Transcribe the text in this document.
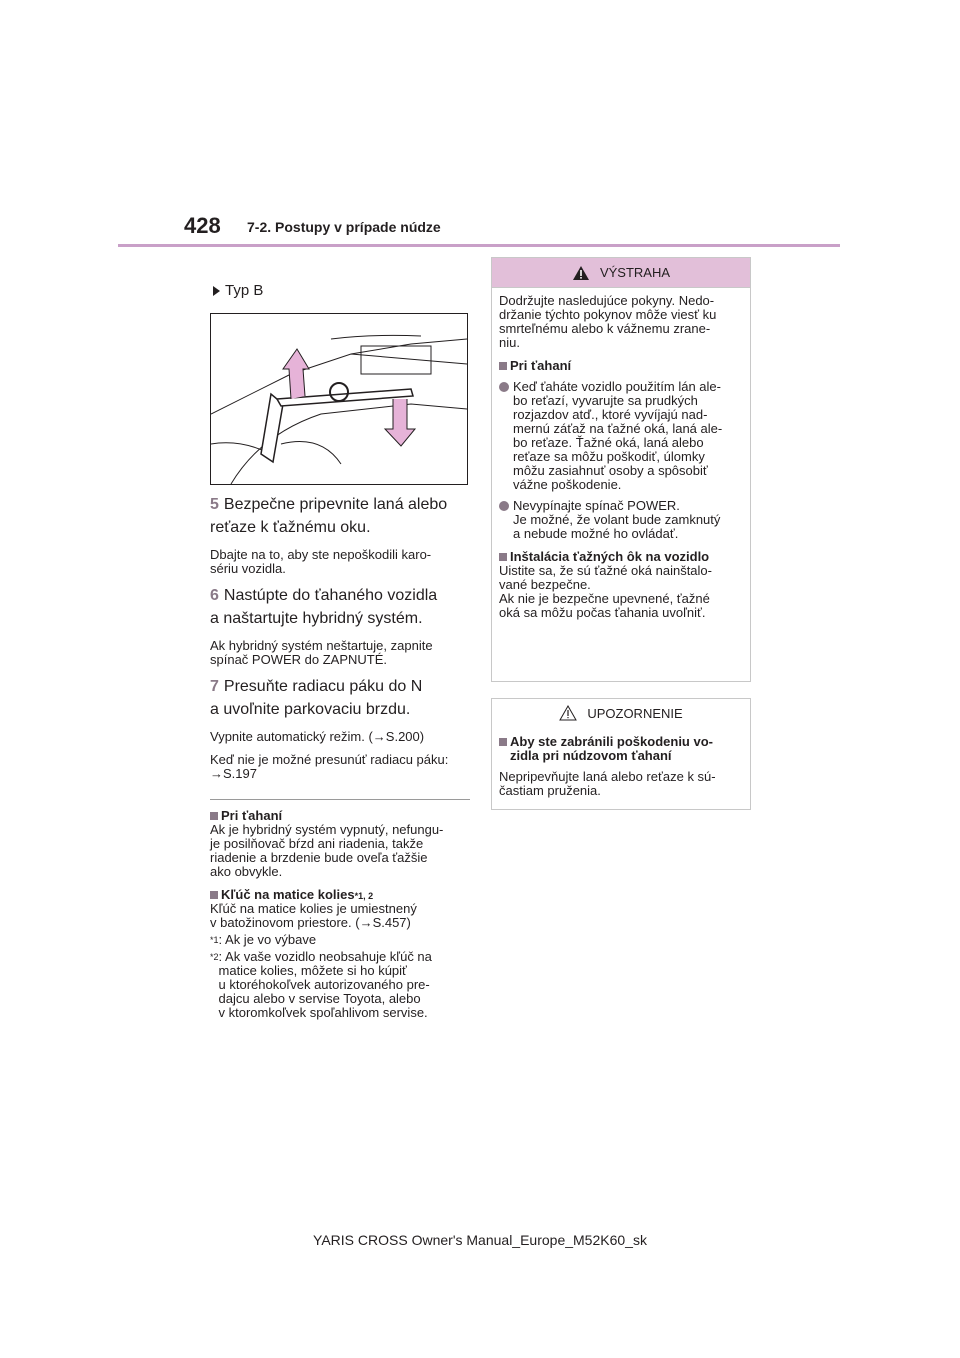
428 7-2. Postupy v prípade núdze
Typ B
5 Bezpečne pripevnite laná alebo
reťaze k ťažnému oku.
Dbajte na to, aby ste nepoškodili karo-
sériu vozidla.
6 Nastúpte do ťahaného vozidla
a naštartujte hybridný systém.
Ak hybridný systém neštartuje, zapnite
spínač POWER do ZAPNUTÉ.
7 Presuňte radiacu páku do N
a uvoľnite parkovaciu brzdu.
Vypnite automatický režim. (→S.200)
Keď nie je možné presunúť radiacu páku:
→S.197
Pri ťahaní
Ak je hybridný systém vypnutý, nefungu-
je posilňovač bŕzd ani riadenia, takže
riadenie a brzdenie bude oveľa ťažšie
ako obvykle.
Kľúč na matice kolies *1, 2
Kľúč na matice kolies je umiestnený
v batožinovom priestore. (→S.457)
*1 : Ak je vo výbave
*2 : Ak vaše vozidlo neobsahuje kľúč na
matice kolies, môžete si ho kúpiť
u ktoréhokoľvek autorizovaného pre-
dajcu alebo v servise Toyota, alebo
v ktoromkoľvek spoľahlivom servise.
VÝSTRAHA
Dodržujte nasledujúce pokyny. Nedo-
držanie týchto pokynov môže viesť ku
smrteľnému alebo k vážnemu zrane-
niu.
Pri ťahaní
Keď ťaháte vozidlo použitím lán ale-
bo reťazí, vyvarujte sa prudkých
rozjazdov atď., ktoré vyvíjajú nad-
mernú záťaž na ťažné oká, laná ale-
bo reťaze. Ťažné oká, laná alebo
reťaze sa môžu poškodiť, úlomky
môžu zasiahnuť osoby a spôsobiť
vážne poškodenie.
Nevypínajte spínač POWER.
Je možné, že volant bude zamknutý
a nebude možné ho ovládať.
Inštalácia ťažných ôk na vozidlo
Uistite sa, že sú ťažné oká nainštalo-
vané bezpečne.
Ak nie je bezpečne upevnené, ťažné
oká sa môžu počas ťahania uvoľniť.
UPOZORNENIE
Aby ste zabránili poškodeniu vo-
zidla pri núdzovom ťahaní
Nepripevňujte laná alebo reťaze k sú-
častiam pruženia.
YARIS CROSS Owner's Manual_Europe_M52K60_sk
